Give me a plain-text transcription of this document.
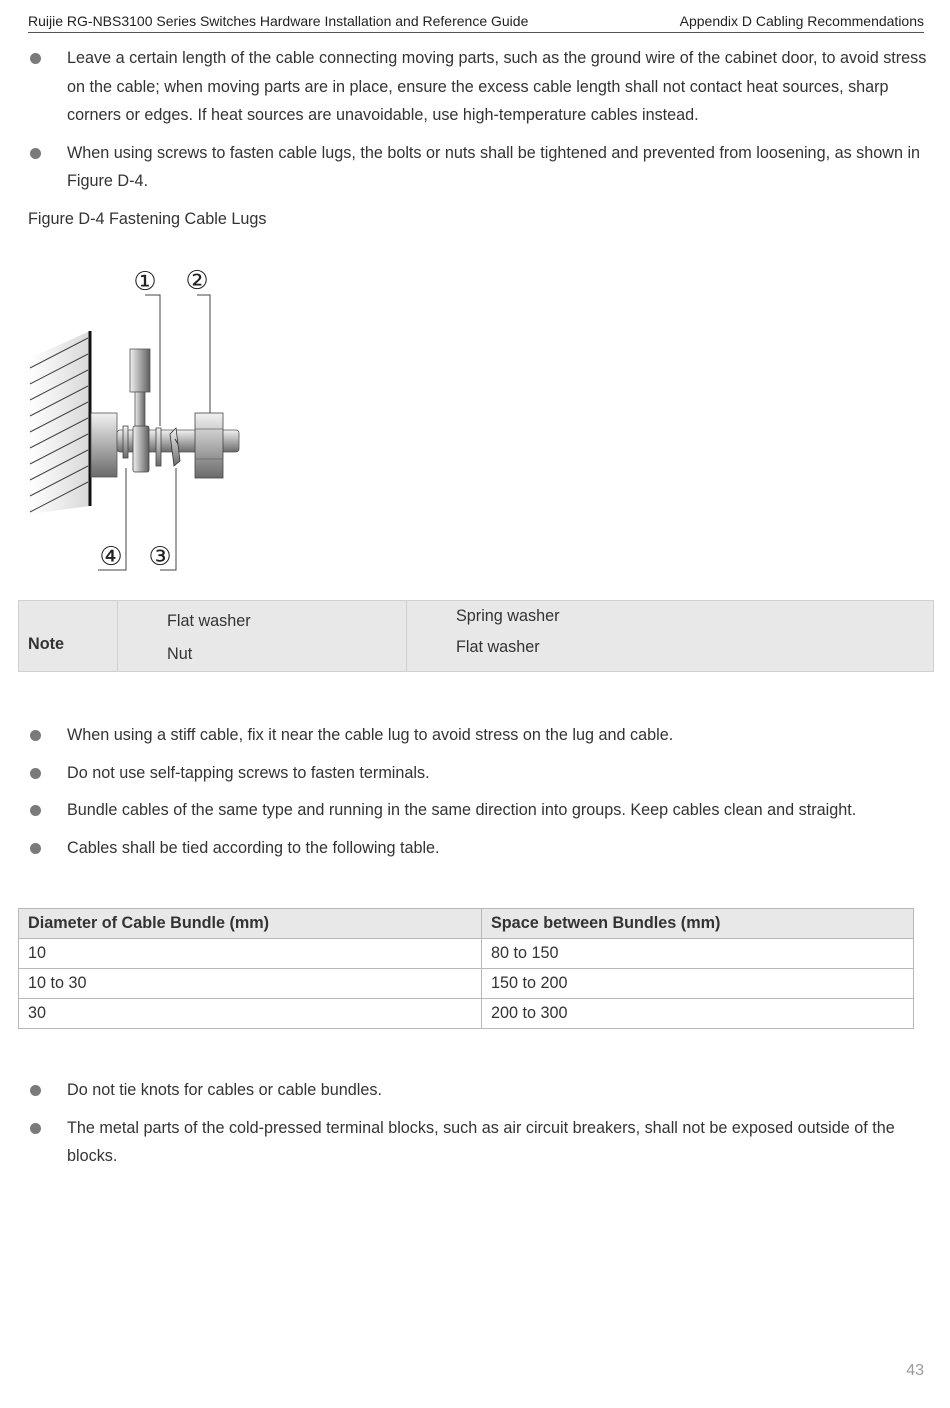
Ruijie RG-NBS3100 Series Switches Hardware Installation and Reference Guide	Appendix D Cabling Recommendations
Leave a certain length of the cable connecting moving parts, such as the ground wire of the cabinet door, to avoid stress on the cable; when moving parts are in place, ensure the excess cable length shall not contact heat sources, sharp corners or edges. If heat sources are unavoidable, use high-temperature cables instead.
When using screws to fasten cable lugs, the bolts or nuts shall be tightened and prevented from loosening, as shown in Figure D-4.
Figure D-4 Fastening Cable Lugs
① ②
④ ③
Note
Flat washer
Nut
Spring washer
Flat washer
When using a stiff cable, fix it near the cable lug to avoid stress on the lug and cable.
Do not use self-tapping screws to fasten terminals.
Bundle cables of the same type and running in the same direction into groups. Keep cables clean and straight.
Cables shall be tied according to the following table.
Diameter of Cable Bundle (mm)	Space between Bundles (mm)
10	80 to 150
10 to 30	150 to 200
30	200 to 300
Do not tie knots for cables or cable bundles.
The metal parts of the cold-pressed terminal blocks, such as air circuit breakers, shall not be exposed outside of the blocks.
43
